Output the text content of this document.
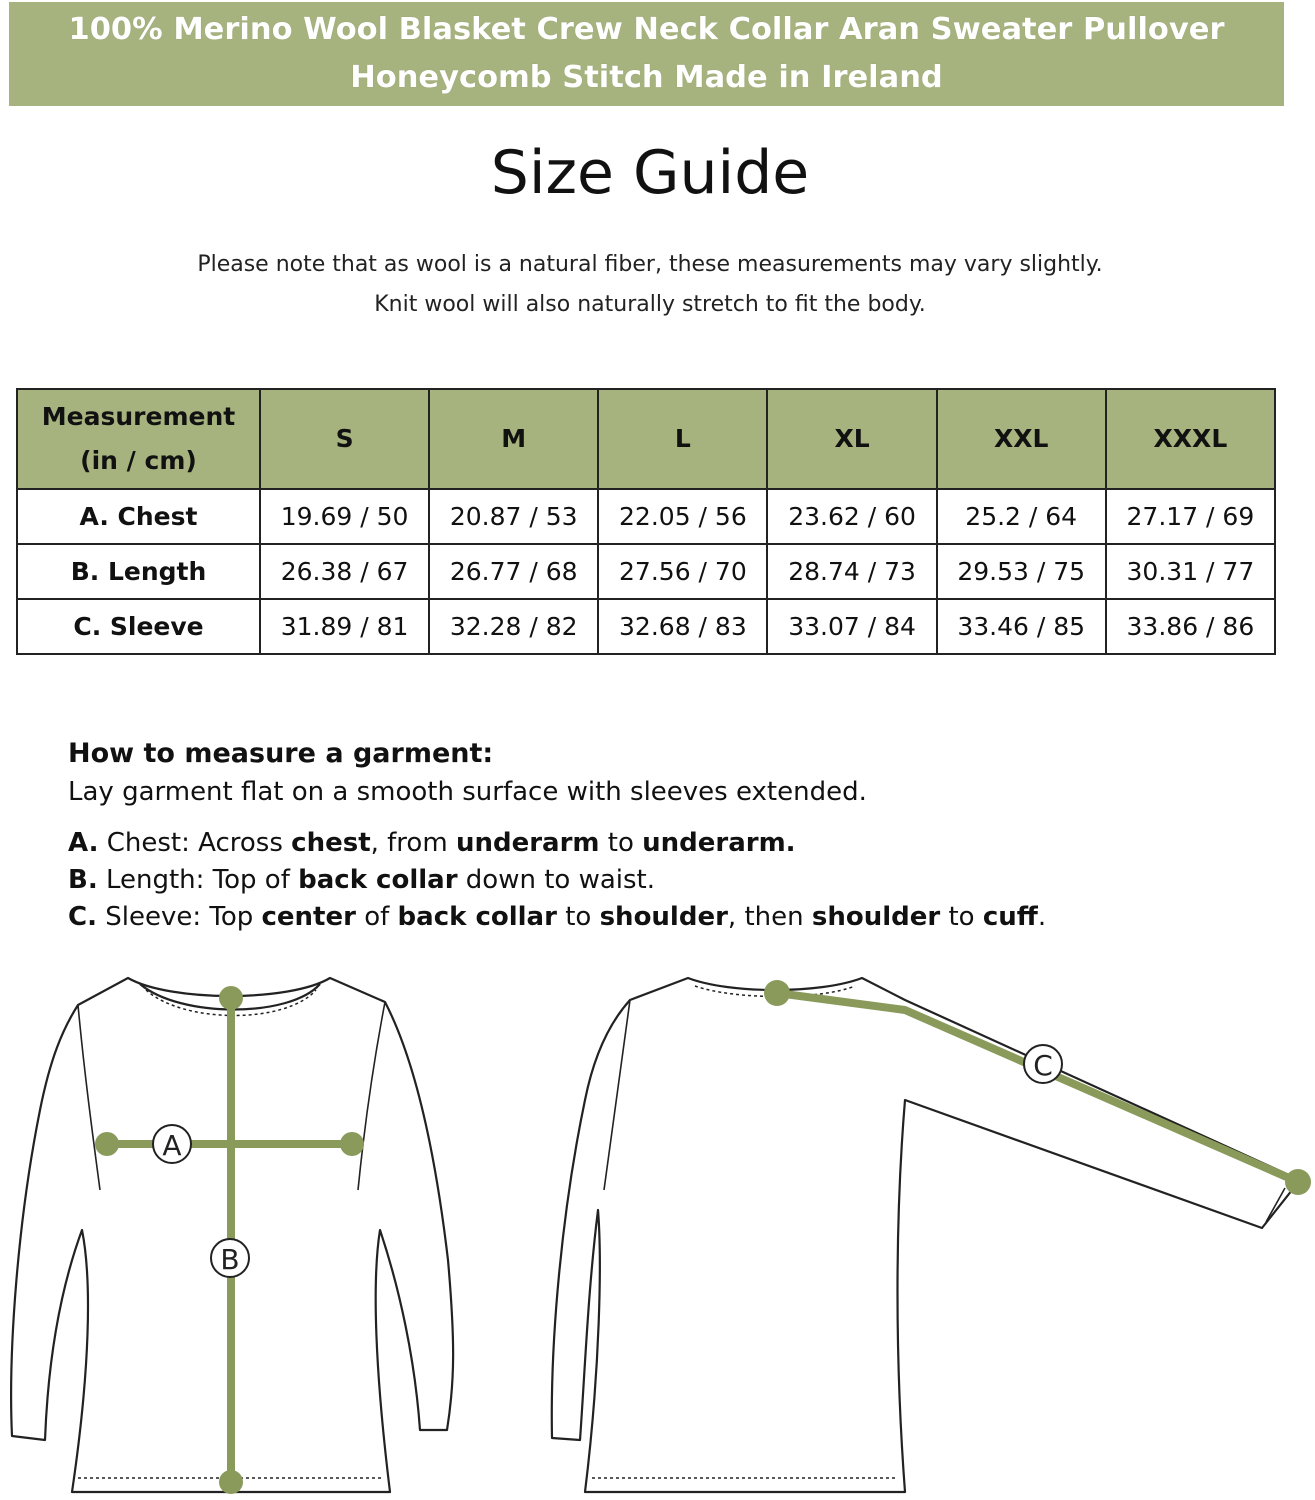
100% Merino Wool Blasket Crew Neck Collar Aran Sweater Pullover
Honeycomb Stitch Made in Ireland
Size Guide
Please note that as wool is a natural fiber, these measurements may vary slightly.
Knit wool will also naturally stretch to fit the body.
Measurement
(in / cm)	S	M	L	XL	XXL	XXXL
A. Chest	19.69 / 50	20.87 / 53	22.05 / 56	23.62 / 60	25.2 / 64	27.17 / 69
B. Length	26.38 / 67	26.77 / 68	27.56 / 70	28.74 / 73	29.53 / 75	30.31 / 77
C. Sleeve	31.89 / 81	32.28 / 82	32.68 / 83	33.07 / 84	33.46 / 85	33.86 / 86
How to measure a garment:
Lay garment flat on a smooth surface with sleeves extended.
A. Chest: Across chest, from underarm to underarm.
B. Length: Top of back collar down to waist.
C. Sleeve: Top center of back collar to shoulder, then shoulder to cuff.
A
B
C
